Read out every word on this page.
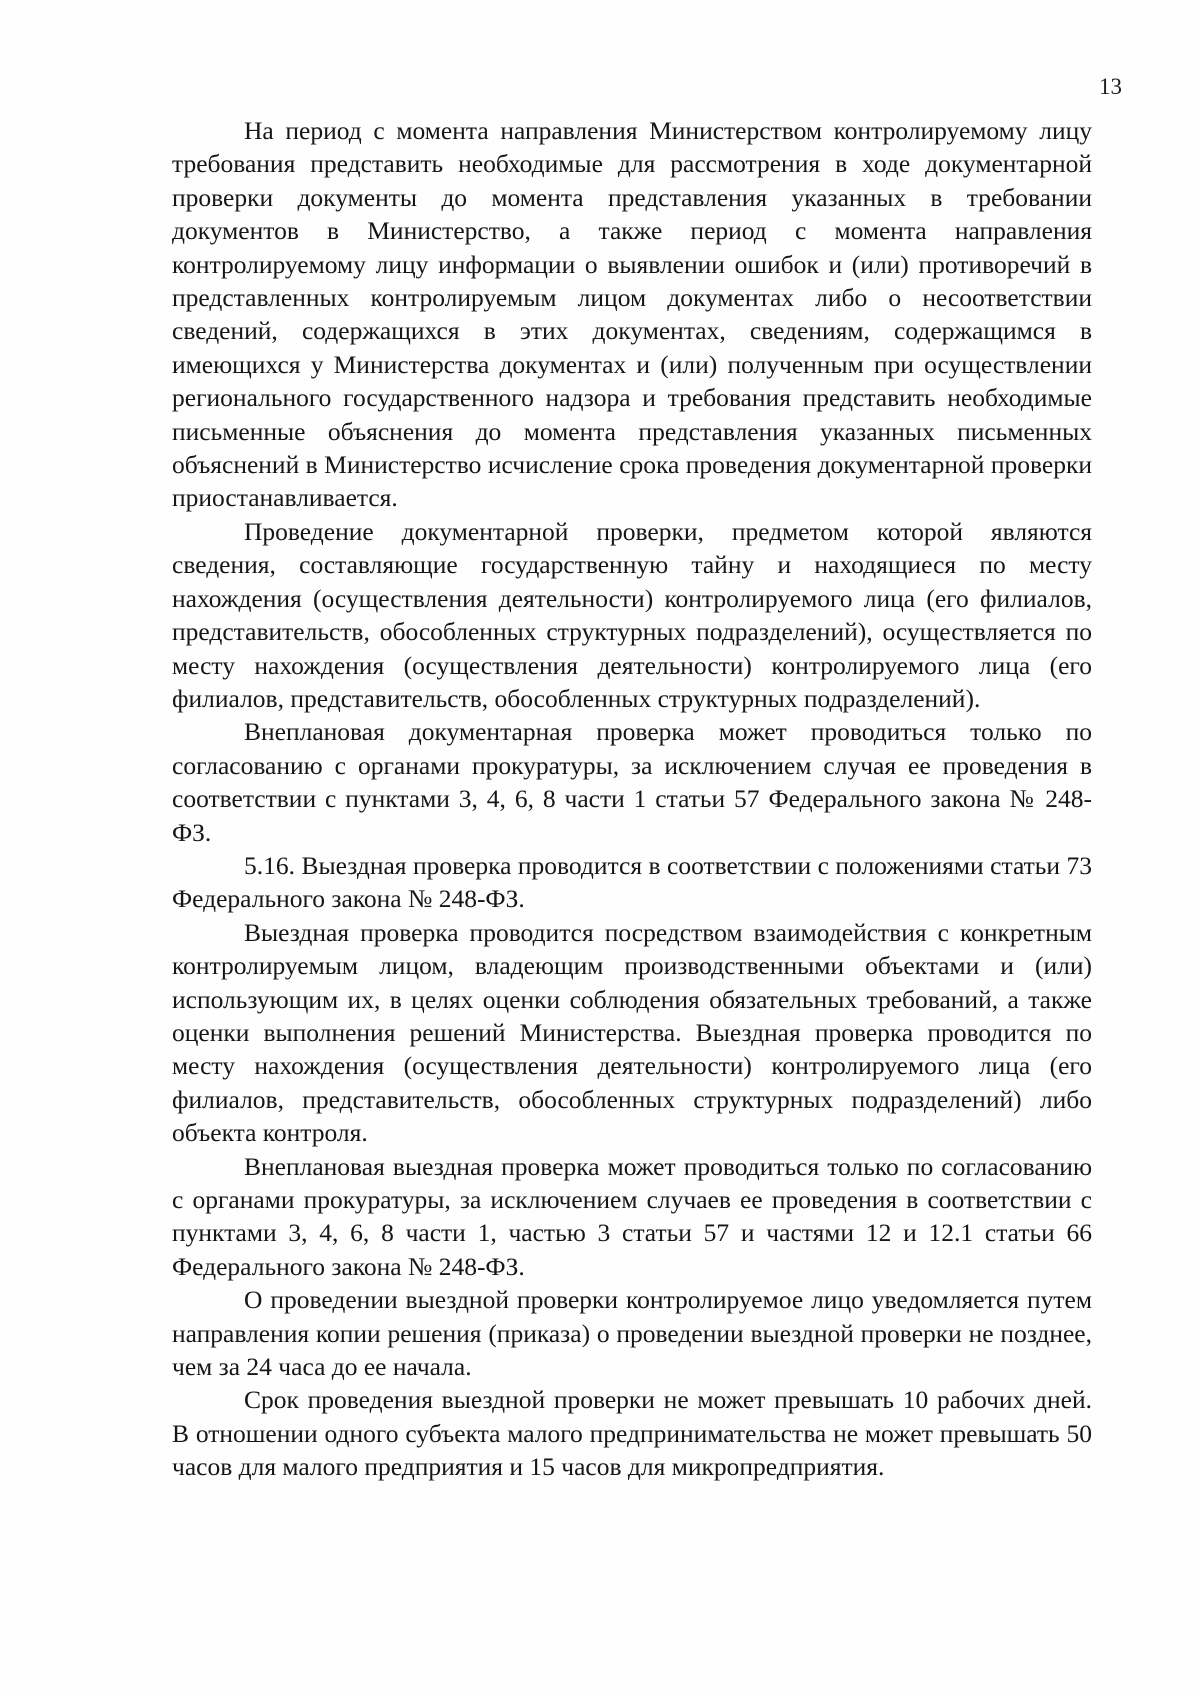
13

На период с момента направления Министерством контролируемому лицу требования представить необходимые для рассмотрения в ходе документарной проверки документы до момента представления указанных в требовании документов в Министерство, а также период с момента направления контролируемому лицу информации о выявлении ошибок и (или) противоречий в представленных контролируемым лицом документах либо о несоответствии сведений, содержащихся в этих документах, сведениям, содержащимся в имеющихся у Министерства документах и (или) полученным при осуществлении регионального государственного надзора и требования представить необходимые письменные объяснения до момента представления указанных письменных объяснений в Министерство исчисление срока проведения документарной проверки приостанавливается.

Проведение документарной проверки, предметом которой являются сведения, составляющие государственную тайну и находящиеся по месту нахождения (осуществления деятельности) контролируемого лица (его филиалов, представительств, обособленных структурных подразделений), осуществляется по месту нахождения (осуществления деятельности) контролируемого лица (его филиалов, представительств, обособленных структурных подразделений).

Внеплановая документарная проверка может проводиться только по согласованию с органами прокуратуры, за исключением случая ее проведения в соответствии с пунктами 3, 4, 6, 8 части 1 статьи 57 Федерального закона № 248-ФЗ.

5.16. Выездная проверка проводится в соответствии с положениями статьи 73 Федерального закона № 248-ФЗ.

Выездная проверка проводится посредством взаимодействия с конкретным контролируемым лицом, владеющим производственными объектами и (или) использующим их, в целях оценки соблюдения обязательных требований, а также оценки выполнения решений Министерства. Выездная проверка проводится по месту нахождения (осуществления деятельности) контролируемого лица (его филиалов, представительств, обособленных структурных подразделений) либо объекта контроля.

Внеплановая выездная проверка может проводиться только по согласованию с органами прокуратуры, за исключением случаев ее проведения в соответствии с пунктами 3, 4, 6, 8 части 1, частью 3 статьи 57 и частями 12 и 12.1 статьи 66 Федерального закона № 248-ФЗ.

О проведении выездной проверки контролируемое лицо уведомляется путем направления копии решения (приказа) о проведении выездной проверки не позднее, чем за 24 часа до ее начала.

Срок проведения выездной проверки не может превышать 10 рабочих дней. В отношении одного субъекта малого предпринимательства не может превышать 50 часов для малого предприятия и 15 часов для микропредприятия.
